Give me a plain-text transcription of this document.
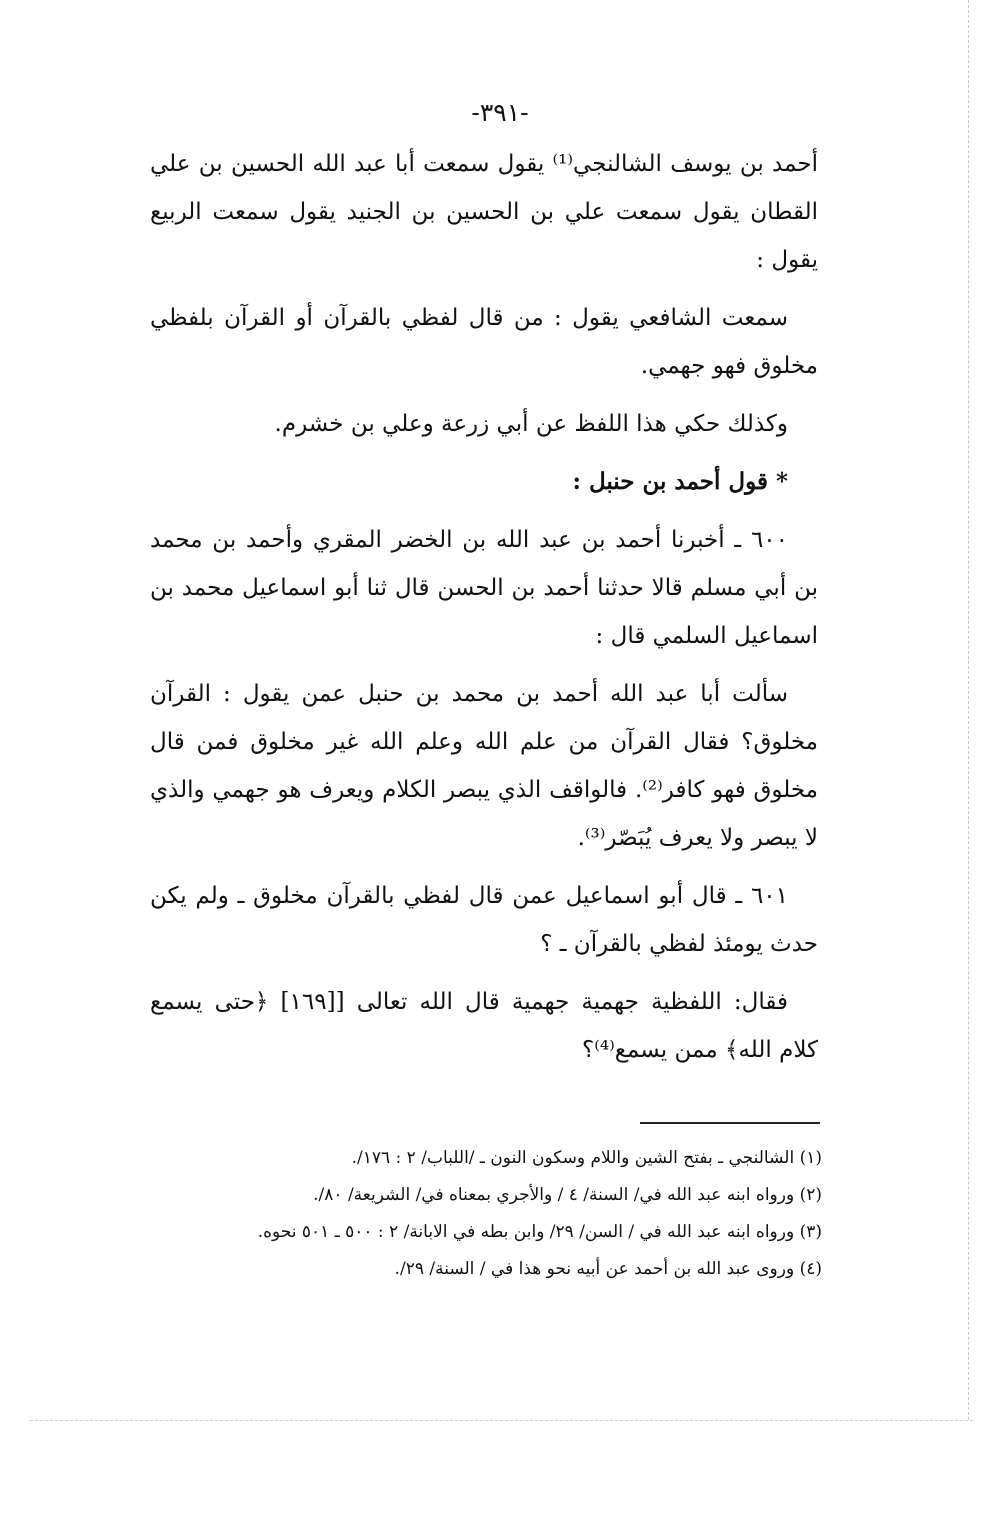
-٣٩١-

أحمد بن يوسف الشالنجي⁽¹⁾ يقول سمعت أبا عبد الله الحسين بن علي القطان يقول سمعت علي بن الحسين بن الجنيد يقول سمعت الربيع يقول :

سمعت الشافعي يقول : من قال لفظي بالقرآن أو القرآن بلفظي مخلوق فهو جهمي.

وكذلك حكي هذا اللفظ عن أبي زرعة وعلي بن خشرم.

* قول أحمد بن حنبل :

٦٠٠ ـ أخبرنا أحمد بن عبد الله بن الخضر المقري وأحمد بن محمد بن أبي مسلم قالا حدثنا أحمد بن الحسن قال ثنا أبو اسماعيل محمد بن اسماعيل السلمي قال :

سألت أبا عبد الله أحمد بن محمد بن حنبل عمن يقول : القرآن مخلوق؟ فقال القرآن من علم الله وعلم الله غير مخلوق فمن قال مخلوق فهو كافر⁽²⁾. فالواقف الذي يبصر الكلام ويعرف هو جهمي والذي لا يبصر ولا يعرف يُبَصّر⁽³⁾.

٦٠١ ـ قال أبو اسماعيل عمن قال لفظي بالقرآن مخلوق ـ ولم يكن حدث يومئذ لفظي بالقرآن ـ ؟

فقال: اللفظية جهمية جهمية قال الله تعالى [[١٦٩] ﴿حتى يسمع كلام الله﴾ ممن يسمع⁽⁴⁾؟

(١) الشالنجي ـ بفتح الشين واللام وسكون النون ـ /اللباب/ ٢ : ١٧٦/.

(٢) ورواه ابنه عبد الله في/ السنة/ ٤ / والأجري بمعناه في/ الشريعة/ ٨٠/.

(٣) ورواه ابنه عبد الله في / السن/ ٢٩/ وابن بطه في الابانة/ ٢ : ٥٠٠ ـ ٥٠١ نحوه.

(٤) وروى عبد الله بن أحمد عن أبيه نحو هذا في / السنة/ ٢٩/.
